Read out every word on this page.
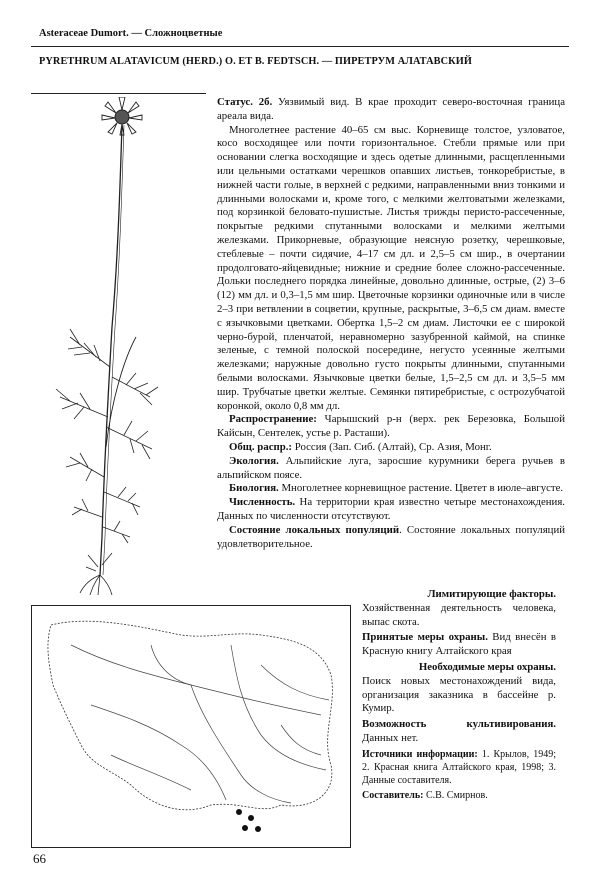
Asteraceae Dumort. — Сложноцветные

PYRETHRUM ALATAVICUM (HERD.) O. ET B. FEDTSCH. — ПИРЕТРУМ АЛАТАВСКИЙ

Статус. 2б. Уязвимый вид. В крае проходит северо-восточная граница ареала вида.

Многолетнее растение 40–65 см выс. Корневище толстое, узловатое, косо восходящее или почти горизонтальное. Стебли прямые или при основании слегка восходящие и здесь одетые длинными, расщепленными или цельными остатками черешков опавших листьев, тонкоребристые, в нижней части голые, в верхней с редкими, направленными вниз тонкими и длинными волосками и, кроме того, с мелкими желтоватыми железками, под корзинкой беловато-пушистые. Листья трижды перисто-рассеченные, покрытые редкими спутанными волосками и мелкими желтыми железками. Прикорневые, образующие неясную розетку, черешковые, стеблевые – почти сидячие, 4–17 см дл. и 2,5–5 см шир., в очертании продолговато-яйцевидные; нижние и средние более сложно-рассеченные. Дольки последнего порядка линейные, довольно длинные, острые, (2) 3–6 (12) мм дл. и 0,3–1,5 мм шир. Цветочные корзинки одиночные или в числе 2–3 при ветвлении в соцветии, крупные, раскрытые, 3–6,5 см диам. вместе с язычковыми цветками. Обертка 1,5–2 см диам. Листочки ее с широкой черно-бурой, пленчатой, неравномерно зазубренной каймой, на спинке зеленые, с темной полоской посередине, негусто усеянные желтыми железками; наружные довольно густо покрыты длинными, спутанными белыми волосками. Язычковые цветки белые, 1,5–2,5 см дл. и 3,5–5 мм шир. Трубчатые цветки желтые. Семянки пятиребристые, с остроzубчатой коронкой, около 0,8 мм дл.

Распространение: Чарышский р-н (верх. рек Березовка, Большой Кайсын, Сентелек, устье р. Расташи).

Общ. распр.: Россия (Зап. Сиб. (Алтай), Ср. Азия, Монг.

Экология. Альпийские луга, заросшие курумники берега ручьев в альпийском поясе.

Биология. Многолетнее корневищное растение. Цветет в июле–августе.

Численность. На территории края известно четыре местонахождения. Данных по численности отсутствуют.

Состояние локальных популяций. Состояние локальных популяций удовлетворительное.

Лимитирующие факторы.

Хозяйственная деятельность человека, выпас скота.

Принятые меры охраны. Вид внесён в Красную книгу Алтайского края

Необходимые меры охраны.

Поиск новых местонахождений вида, организация заказника в бассейне р. Кумир.

Возможность культивирования. Данных нет.

Источники информации: 1. Крылов, 1949; 2. Красная книга Алтайского края, 1998; 3. Данные составителя.

Составитель: С.В. Смирнов.

66
